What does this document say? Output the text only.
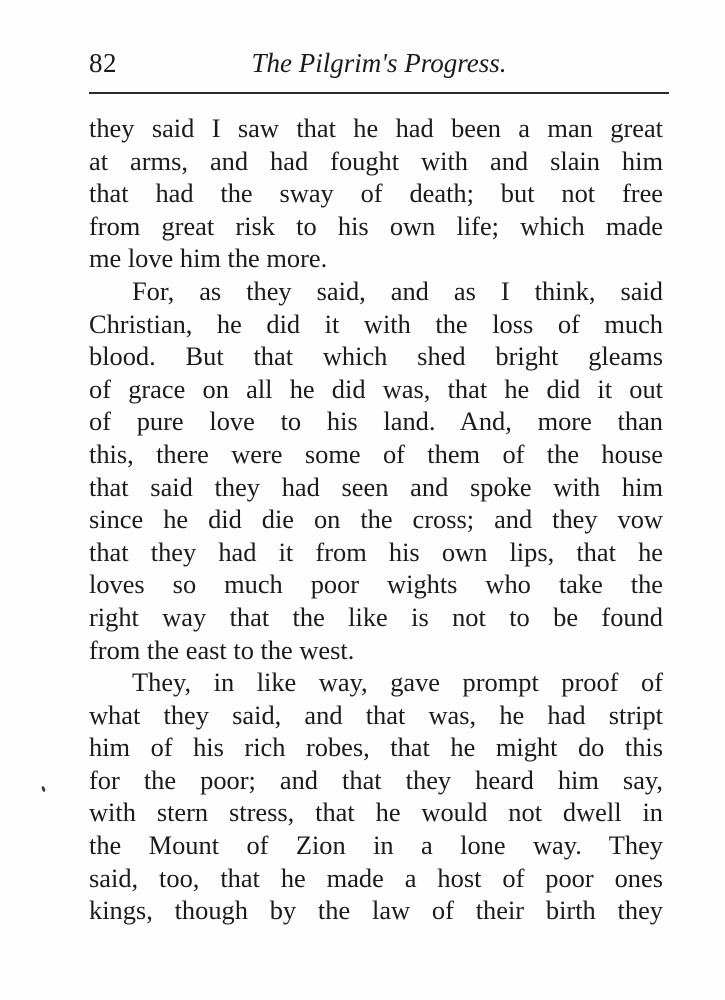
82	The Pilgrim's Progress.
they said I saw that he had been a man great
at arms, and had fought with and slain him
that had the sway of death; but not free
from great risk to his own life; which made
me love him the more.
For, as they said, and as I think, said
Christian, he did it with the loss of much
blood. But that which shed bright gleams
of grace on all he did was, that he did it out
of pure love to his land. And, more than
this, there were some of them of the house
that said they had seen and spoke with him
since he did die on the cross; and they vow
that they had it from his own lips, that he
loves so much poor wights who take the
right way that the like is not to be found
from the east to the west.
They, in like way, gave prompt proof of
what they said, and that was, he had stript
him of his rich robes, that he might do this
for the poor; and that they heard him say,
with stern stress, that he would not dwell in
the Mount of Zion in a lone way. They
said, too, that he made a host of poor ones
kings, though by the law of their birth they
